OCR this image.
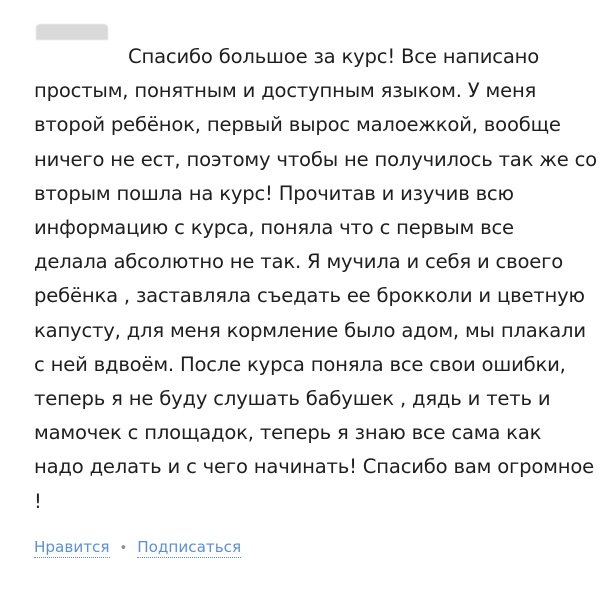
Спасибо большое за курс! Все написано
простым, понятным и доступным языком. У меня
второй ребёнок, первый вырос малоежкой, вообще
ничего не ест, поэтому чтобы не получилось так же со
вторым пошла на курс! Прочитав и изучив всю
информацию с курса, поняла что с первым все
делала абсолютно не так. Я мучила и себя и своего
ребёнка , заставляла съедать ее брокколи и цветную
капусту, для меня кормление было адом, мы плакали
с ней вдвоём. После курса поняла все свои ошибки,
теперь я не буду слушать бабушек , дядь и теть и
мамочек с площадок, теперь я знаю все сама как
надо делать и с чего начинать! Спасибо вам огромное
!
Нравится • Подписаться
